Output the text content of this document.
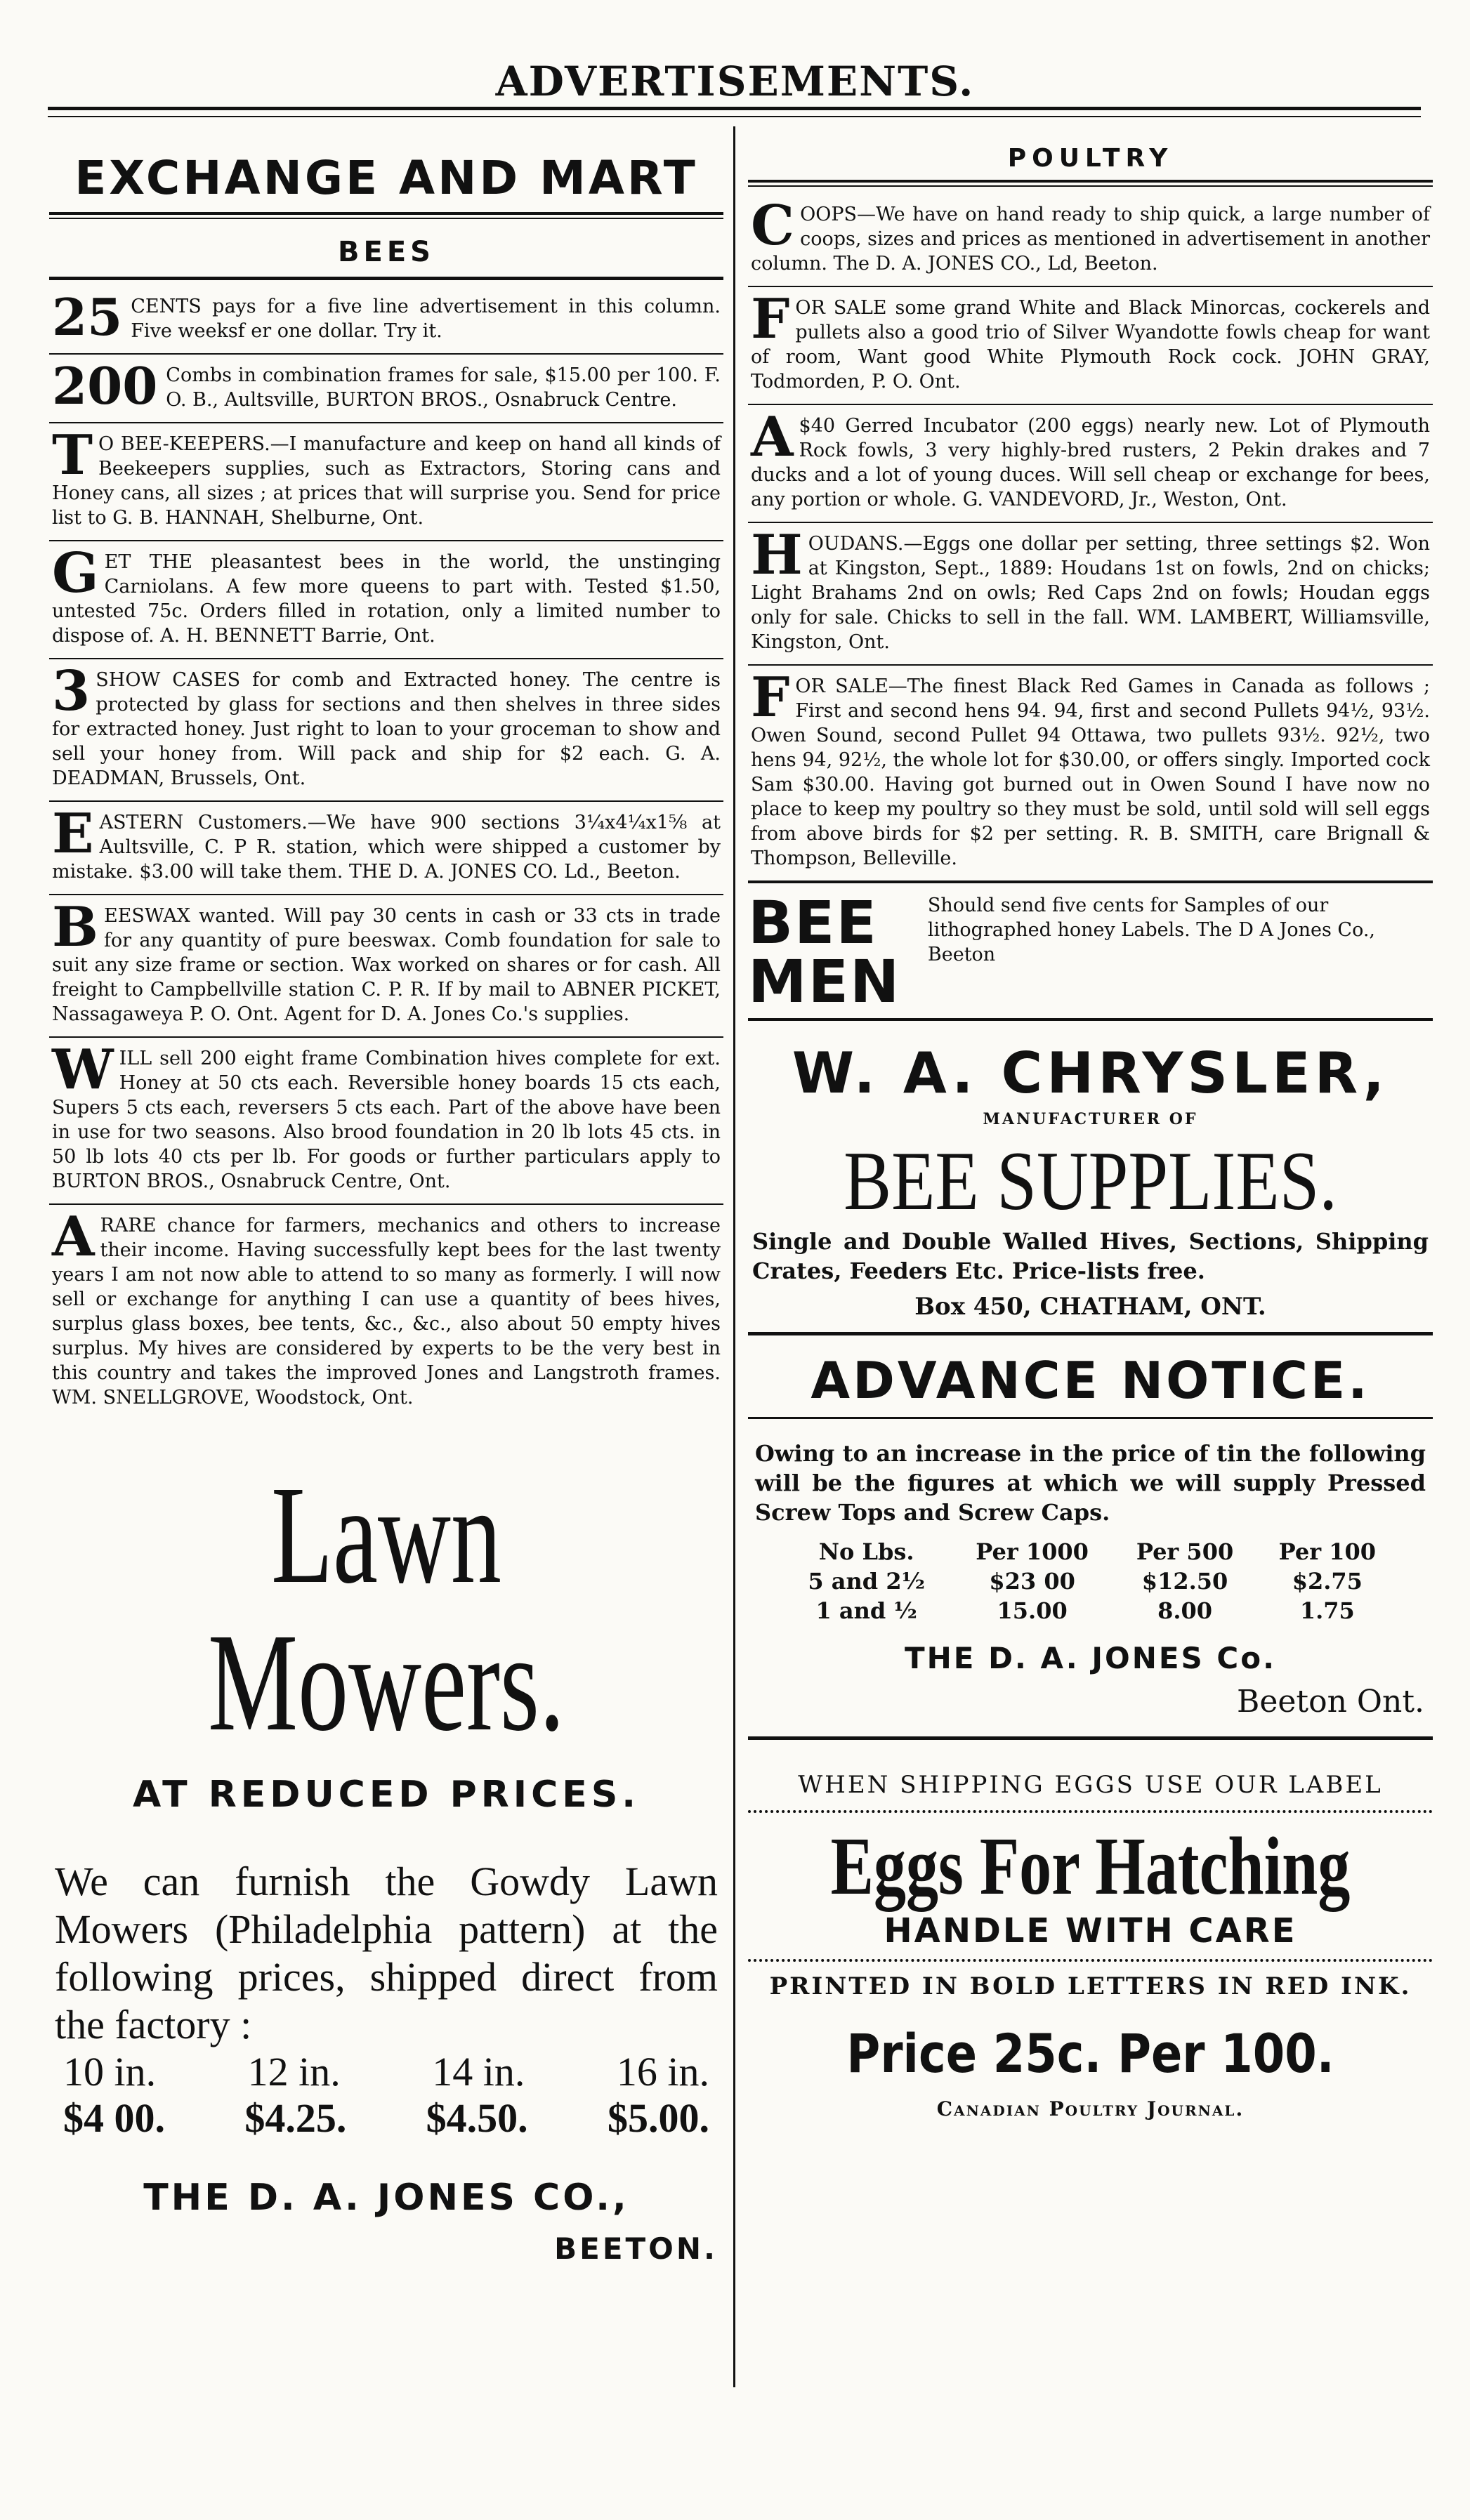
ADVERTISEMENTS.
EXCHANGE AND MART
BEES
25 CENTS pays for a five line advertisement in this column. Five weeksf er one dollar. Try it.
200 Combs in combination frames for sale, $15.00 per 100. F. O. B., Aultsville, BURTON BROS., Osnabruck Centre.
T O BEE-KEEPERS.—I manufacture and keep on hand all kinds of Beekeepers supplies, such as Extractors, Storing cans and Honey cans, all sizes ; at prices that will surprise you. Send for price list to G. B. HANNAH, Shelburne, Ont.
GET THE pleasantest bees in the world, the unstinging Carniolans. A few more queens to part with. Tested $1.50, untested 75c. Orders filled in rotation, only a limited number to dispose of. A. H. BENNETT Barrie, Ont.
3 SHOW CASES for comb and Extracted honey. The centre is protected by glass for sections and then shelves in three sides for extracted honey. Just right to loan to your groceman to show and sell your honey from. Will pack and ship for $2 each. G. A. DEADMAN, Brussels, Ont.
EASTERN Customers.—We have 900 sections 3¼x4¼x1⅝ at Aultsville, C. P R. station, which were shipped a customer by mistake. $3.00 will take them. THE D. A. JONES CO. Ld., Beeton.
BEESWAX wanted. Will pay 30 cents in cash or 33 cts in trade for any quantity of pure beeswax. Comb foundation for sale to suit any size frame or section. Wax worked on shares or for cash. All freight to Campbellville station C. P. R. If by mail to ABNER PICKET, Nassagaweya P. O. Ont. Agent for D. A. Jones Co.'s supplies.
WILL sell 200 eight frame Combination hives complete for ext. Honey at 50 cts each. Reversible honey boards 15 cts each, Supers 5 cts each, reversers 5 cts each. Part of the above have been in use for two seasons. Also brood foundation in 20 lb lots 45 cts. in 50 lb lots 40 cts per lb. For goods or further particulars apply to BURTON BROS., Osnabruck Centre, Ont.
A RARE chance for farmers, mechanics and others to increase their income. Having successfully kept bees for the last twenty years I am not now able to attend to so many as formerly. I will now sell or exchange for anything I can use a quantity of bees hives, surplus glass boxes, bee tents, &c., &c., also about 50 empty hives surplus. My hives are considered by experts to be the very best in this country and takes the improved Jones and Langstroth frames. WM. SNELLGROVE, Woodstock, Ont.
Lawn Mowers.
AT REDUCED PRICES.
We can furnish the Gowdy Lawn Mowers (Philadelphia pattern) at the following prices, shipped direct from the factory :
10 in. 12 in. 14 in. 16 in.
$4 00. $4.25. $4.50. $5.00.
THE D. A. JONES CO.,
BEETON.
POULTRY
COOPS—We have on hand ready to ship quick, a large number of coops, sizes and prices as mentioned in advertisement in another column. The D. A. JONES CO., Ld, Beeton.
FOR SALE some grand White and Black Minorcas, cockerels and pullets also a good trio of Silver Wyandotte fowls cheap for want of room, Want good White Plymouth Rock cock. JOHN GRAY, Todmorden, P. O. Ont.
A $40 Gerred Incubator (200 eggs) nearly new. Lot of Plymouth Rock fowls, 3 very highly-bred rusters, 2 Pekin drakes and 7 ducks and a lot of young duces. Will sell cheap or exchange for bees, any portion or whole. G. VANDEVORD, Jr., Weston, Ont.
HOUDANS.—Eggs one dollar per setting, three settings $2. Won at Kingston, Sept., 1889: Houdans 1st on fowls, 2nd on chicks; Light Brahams 2nd on owls; Red Caps 2nd on fowls; Houdan eggs only for sale. Chicks to sell in the fall. WM. LAMBERT, Williamsville, Kingston, Ont.
FOR SALE—The finest Black Red Games in Canada as follows ; First and second hens 94. 94, first and second Pullets 94½, 93½. Owen Sound, second Pullet 94 Ottawa, two pullets 93½. 92½, two hens 94, 92½, the whole lot for $30.00, or offers singly. Imported cock Sam $30.00. Having got burned out in Owen Sound I have now no place to keep my poultry so they must be sold, until sold will sell eggs from above birds for $2 per setting. R. B. SMITH, care Brignall & Thompson, Belleville.
BEE MEN
Should send five cents for Samples of our lithographed honey Labels. The D A Jones Co., Beeton
W. A. CHRYSLER,
MANUFACTURER OF
BEE SUPPLIES.
Single and Double Walled Hives, Sections, Shipping Crates, Feeders Etc. Price-lists free.
Box 450, CHATHAM, ONT.
ADVANCE NOTICE.
Owing to an increase in the price of tin the following will be the figures at which we will supply Pressed Screw Tops and Screw Caps.
No Lbs.	Per 1000	Per 500	Per 100
5 and 2½	$23 00	$12.50	$2.75
1 and ½	15.00	8.00	1.75
THE D. A. JONES Co.
Beeton Ont.
WHEN SHIPPING EGGS USE OUR LABEL
Eggs For Hatching
HANDLE WITH CARE
PRINTED IN BOLD LETTERS IN RED INK.
Price 25c. Per 100.
Canadian Poultry Journal.
